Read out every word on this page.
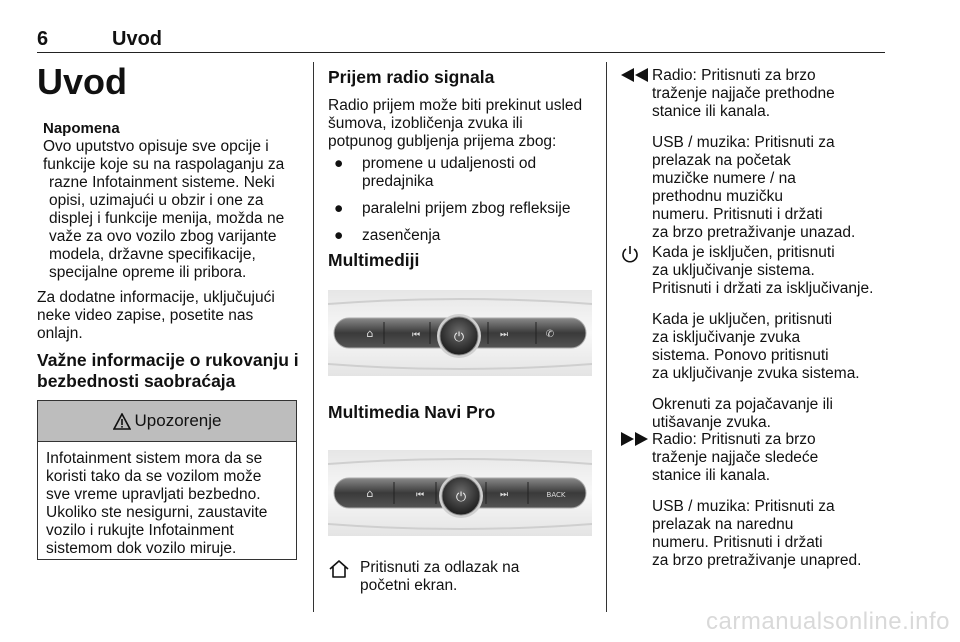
6	Uvod
Uvod
Napomena
Ovo uputstvo opisuje sve opcije i
funkcije koje su na raspolaganju za
razne Infotainment sisteme. Neki
opisi, uzimajući u obzir i one za
displej i funkcije menija, možda ne
važe za ovo vozilo zbog varijante
modela, državne specifikacije,
specijalne opreme ili pribora.
Za dodatne informacije, uključujući
neke video zapise, posetite nas
onlajn.
Važne informacije o rukovanju i
bezbednosti saobraćaja
Upozorenje
Infotainment sistem mora da se
koristi tako da se vozilom može
sve vreme upravljati bezbedno.
Ukoliko ste nesigurni, zaustavite
vozilo i rukujte Infotainment
sistemom dok vozilo miruje.
Prijem radio signala
Radio prijem može biti prekinut usled
šumova, izobličenja zvuka ili
potpunog gubljenja prijema zbog:
●	promene u udaljenosti od
predajnika
●	paralelni prijem zbog refleksije
●	zasenčenja
Multimediji
⏻
⌂	⏮	⏭	✆
Multimedia Navi Pro
⏻
⌂	⏮	⏭	BACK
Pritisnuti za odlazak na
početni ekran.
Radio: Pritisnuti za brzo
traženje najjače prethodne
stanice ili kanala.
USB / muzika: Pritisnuti za
prelazak na početak
muzičke numere / na
prethodnu muzičku
numeru. Pritisnuti i držati
za brzo pretraživanje unazad.
Kada je isključen, pritisnuti
za uključivanje sistema.
Pritisnuti i držati za isključivanje.
Kada je uključen, pritisnuti
za isključivanje zvuka
sistema. Ponovo pritisnuti
za uključivanje zvuka sistema.
Okrenuti za pojačavanje ili
utišavanje zvuka.
Radio: Pritisnuti za brzo
traženje najjače sledeće
stanice ili kanala.
USB / muzika: Pritisnuti za
prelazak na narednu
numeru. Pritisnuti i držati
za brzo pretraživanje unapred.
carmanualsonline.info
